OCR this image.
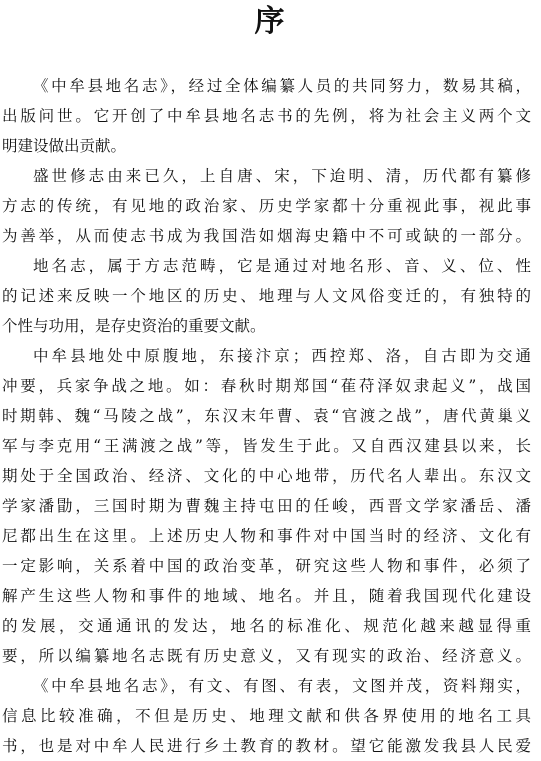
序
《中牟县地名志》，经过全体编纂人员的共同努力，数易其稿，
出版问世。它开创了中牟县地名志书的先例，将为社会主义两个文
明建设做出贡献。
盛世修志由来已久，上自唐、宋，下迨明、清，历代都有纂修
方志的传统，有见地的政治家、历史学家都十分重视此事，视此事
为善举，从而使志书成为我国浩如烟海史籍中不可或缺的一部分。
地名志，属于方志范畴，它是通过对地名形、音、义、位、性
的记述来反映一个地区的历史、地理与人文风俗变迁的，有独特的
个性与功用，是存史资治的重要文献。
中牟县地处中原腹地，东接汴京；西控郑、洛，自古即为交通
冲要，兵家争战之地。如：春秋时期郑国“萑苻泽奴隶起义”，战国
时期韩、魏“马陵之战”，东汉末年曹、袁“官渡之战”，唐代黄巢义
军与李克用“王满渡之战”等，皆发生于此。又自西汉建县以来，长
期处于全国政治、经济、文化的中心地带，历代名人辈出。东汉文
学家潘勖，三国时期为曹魏主持屯田的任峻，西晋文学家潘岳、潘
尼都出生在这里。上述历史人物和事件对中国当时的经济、文化有
一定影响，关系着中国的政治变革，研究这些人物和事件，必须了
解产生这些人物和事件的地域、地名。并且，随着我国现代化建设
的发展，交通通讯的发达，地名的标准化、规范化越来越显得重
要，所以编纂地名志既有历史意义，又有现实的政治、经济意义。
《中牟县地名志》，有文、有图、有表，文图并茂，资料翔实，
信息比较准确，不但是历史、地理文献和供各界使用的地名工具
书，也是对中牟人民进行乡土教育的教材。望它能激发我县人民爱
